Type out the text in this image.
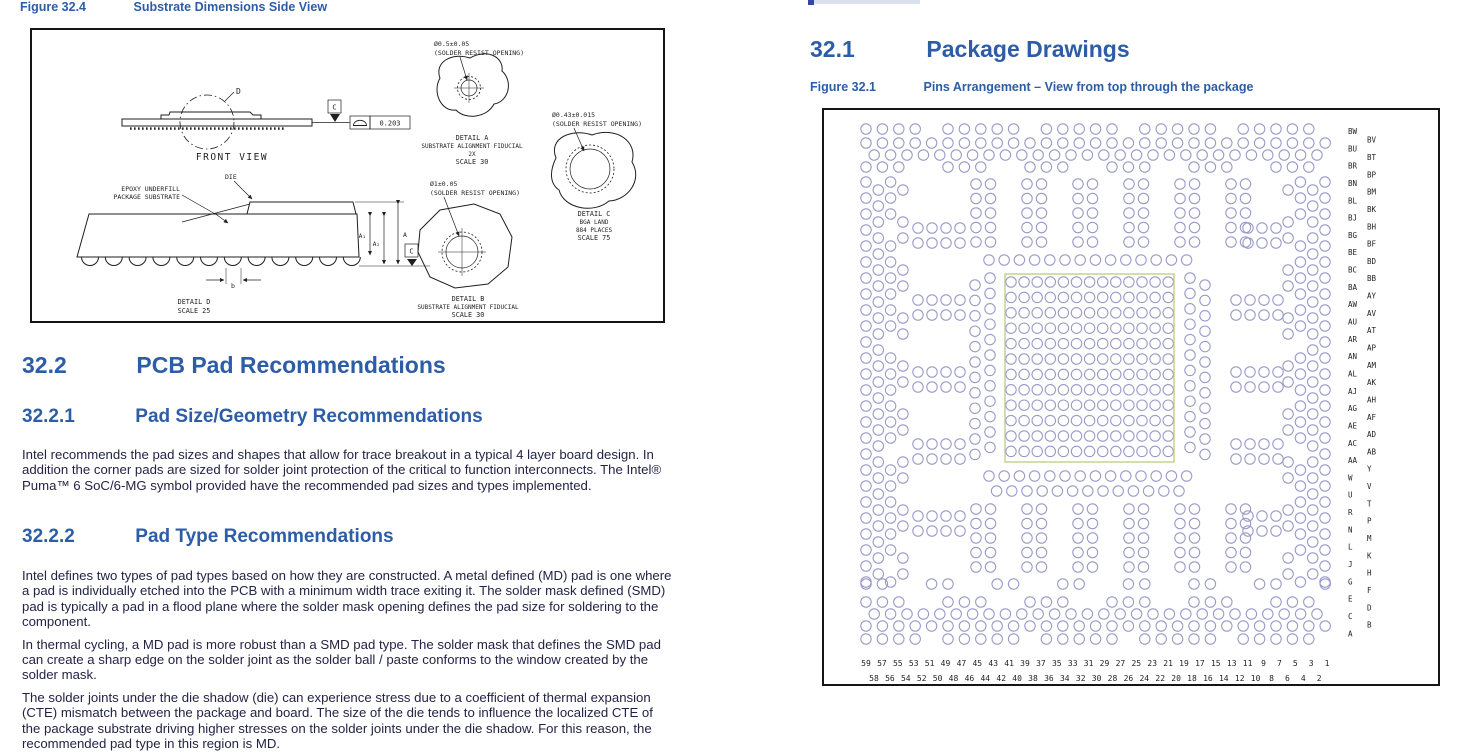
Figure 32.4	Substrate Dimensions Side View
D
C
0.203
FRONT VIEW
EPOXY UNDERFILL
PACKAGE SUBSTRATE
DIE
A₁
A₂
A
C
b
DETAIL D
SCALE 25
Ø0.5±0.05
(SOLDER RESIST OPENING)
DETAIL A
SUBSTRATE ALIGNMENT FIDUCIAL
2X
SCALE 30
Ø1±0.05
(SOLDER RESIST OPENING)
DETAIL B
SUBSTRATE ALIGNMENT FIDUCIAL
SCALE 30
Ø0.43±0.015
(SOLDER RESIST OPENING)
DETAIL C
BGA LAND
884 PLACES
SCALE 75
32.2	PCB Pad Recommendations
32.2.1	Pad Size/Geometry Recommendations

Intel recommends the pad sizes and shapes that allow for trace breakout in a typical 4 layer board design. In addition the corner pads are sized for solder joint protection of the critical to function interconnects. The Intel® Puma™ 6 SoC/6-MG symbol provided have the recommended pad sizes and types implemented.

32.2.2	Pad Type Recommendations

Intel defines two types of pad types based on how they are constructed. A metal defined (MD) pad is one where a pad is individually etched into the PCB with a minimum width trace exiting it. The solder mask defined (SMD) pad is typically a pad in a flood plane where the solder mask opening defines the pad size for soldering to the component.

In thermal cycling, a MD pad is more robust than a SMD pad type. The solder mask that defines the SMD pad can create a sharp edge on the solder joint as the solder ball / paste conforms to the window created by the solder mask.

The solder joints under the die shadow (die) can experience stress due to a coefficient of thermal expansion (CTE) mismatch between the package and board. The size of the die tends to influence the localized CTE of the package substrate driving higher stresses on the solder joints under the die shadow. For this reason, the recommended pad type in this region is MD.

32.1	Package Drawings
Figure 32.1	Pins Arrangement – View from top through the package
BW
BV
BU
BT
BR
BP
BN
BM
BL
BK
BJ
BH
BG
BF
BE
BD
BC
BB
BA
AY
AW
AV
AU
AT
AR
AP
AN
AM
AL
AK
AJ
AH
AG
AF
AE
AD
AC
AB
AA
Y
W
V
U
T
R
P
N
M
L
K
J
H
G
F
E
D
C
B
A
59 57 55 53 51 49 47 45 43 41 39 37 35 33 31 29 27 25 23 21 19 17 15 13 11 9 7 5 3 1
58 56 54 52 50 48 46 44 42 40 38 36 34 32 30 28 26 24 22 20 18 16 14 12 10 8 6 4 2
